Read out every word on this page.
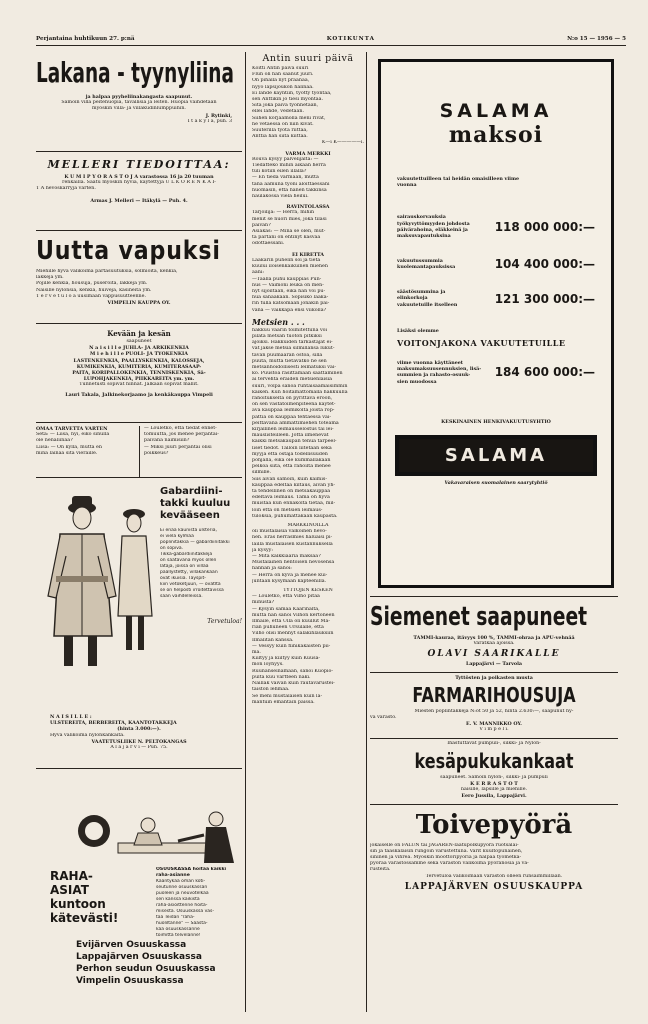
Perjantaina huhtikuun 27. p:nä	KOTIKUNTA	N:o 15 — 1956 — 5
Lakana - tyynyliina
ja halpaa pyyheliinakangasta saapunut.
Samoin villa peitehuopia, tavallisia ja leiten. Huopia vaihdetaan
myöskin villa- ja villakudinlumppuihin.
J. Rytinki,
I t ä k y l ä, puh. 3
MELLERI TIEDOITTAA:
K U M I P Y O R A S T O J A varastossa 16 ja 20 tuuman
renkailla. Saatu myöskin hyviä, käytettyjä U L K O R E N K A I-
T A hevoskärryjä varten.
Armas J. Melleri — Itäkylä — Puh. 4.
Uutta vapuksi
Miehille hyvä valikoima partasuutuksia, solmioita, kenkiä,
lakkeja ym.
Pojille kenkiä, housuja, puseroita, lakkeja ym.
Naisille nylonsia, kenkiä, huiveja, käsineitä ym.
T e r v e t u l o a uusimaan vappusuutteenne.
VIMPELIN KAUPPA OY.
Kevään ja kesän
saapuneet
N a i s i l l e JUHLA- JA ARKIKENKIÄ
M i e h i l l e PUOLI- JA TYÖKENKIÄ
LASTENKENKIÄ, PAALLYSKENKIÄ, KALOSSEJA,
KUMIKENKIÄ, KUMITERIA, KUMITERASAAP-
PAITA, KORIPALLOKENKIÄ, TENNISKENKIÄ, Sä-
LUPOHJAKENKIÄ, PIIKKAREITA ym. ym.
Tunnetusti sopivat hinnat. Jalkaan sopivat mallit.
Lauri Takala, Jalkinekorjaamo ja kenkäkauppa Vimpeli
OMAA TARVETTA VARTEN
Setä: — Liisa, hyi, eikö sinulla
ole nenäliinaa?
Liisa: — On kyllä, mutta en
minä lainaa sitä vieraille.
— Louletko, että tiedät ennet-
tomuutta, jos menee perjantai-
päivänä naimisiin?
— Miksi juuri perjantai olisi
poikkeus?
Gabardiini-
takki kuuluu
kevääseen
Ei enää kaunista ulsteria,
ei vielä kylmää
poplinitakkia — gabardiinitakki
on sopiva.
Tikka-gabardiinitakkeja
on saatavana myös ollen
lataja, joissa on villaa
päällystetty, villakankaan
ovat ikuisia. Täyspit-
kiin vetoketjuun, — ovatlta
se on helposti irroitettavissa
sään vaihdelleissa.
Tervetuloa!
N A I S I L L E :
ULSTEREITA, BERBEREITA, KAANTOTAKKEJA
(hinta 3.000:—).
Hyvä valikoima nylonkankaita.
VAATETUSLIIKE N. PELTOKANGAS
A l a j ä r v i — Puh. 75.
RAHA-
ASIAT
kuntoon
kätevästi!
OSUUSKASSA hoitaa kaikki raha-asianne
Kääntykää oman koti-
seutunne osuuskassan
puoleen ja neuvotelkaa
sen kanssa kaikista
raha-asioittenne hoita-
misesta. Osuuskassa vas-
taa Teidän "raha-
huoliltanne" — Säästä-
kaa osuuskassanne
toimitta telvelanne!
Evijärven Osuuskassa
Lappajärven Osuuskassa
Perhon seudun Osuuskassa
Vimpelin Osuuskassa
Antin suuri päivä
Koitti Antin päivä suuri
Flun oli hän saanut juuri.
On pihalla nyt präänää,
nyyö lapsijoukon hälinää.
Ei lähde käyntiin, työtty työntää,
sen Anttikin jo tiesi myöntää.
Sitä joka päivä työnnetään,
ellei lähde, vedetään.
Siihen korjaamolla meni rivat,
he vetäessä on niin kivat.
Suuterilla työtä riittää,
Anttia hän siitä kiittää.
K—i K—————i.
VARMA MERKKI
Rouva kysyy palvelijalta: —
Tiedättekö mihin aikaan herra
tuli kotiin eilen illalla?
— En tiedä varmaan, mutta
tänä aamuna työni aloittaessani
huomasin, että hänen takkinsa
naulakossa vielä heilui.
RAVINTOLASSA
Tarjoilija: — Herra, mihin
menit se nuori mies, joka tilasi
päivän?
Asiakas: — Minä se olen, mut-
ta partani on ehtinyt kasvaa
odottaessani.
EI KIRETTA
Lääkärin puhelin soi ja tietä
kuului iloisenkaikuinen miehen
ääni:
—Täällä puhu kauppias Pun-
nus — Vaimoni leuka on men-
nyt sijoiltaan, eikä hän voi pu-
hua sanaakaan. Sopisiko lääkä-
rin tulla katsomaan jonakin päi-
vänä — vaikkapa ensi viikolla?
Metsien . . .
hakkuu väärin toimitettuna voi
pilata metsän tuoton pitkiksi
ajoiksi. Hakkuiden tarkastajat ei-
vät jäkse metsiä silmillänsä lukut-
tavan puumäärän ostoa, sillä
puuta, mutta tietävätkö he sen
metsänhoidollisesti leimatuksi vai-
ko. Puustoa rasittamaan saattaminen
ai tervehtä eräiden metsienlaisia
suuri, volpa sanoa ruhtaisaamaisimmin
kaiken. Kun hoitamattomalla hakkuulla
rahoitukselta on pyrittävä eroon,
on sen vastatoimenpiteenä käytet-
ävä kauppaa leimikolta joista rop-
pattia on kauppaa tehtäessä vai-
peittävänä ammattimiehen toteama
kirjallinen leimausselostus tai lei-
mauslisteilleen. Jotta ilmenevät
kaikki metsäkaupan tenua tarpeel-
liset tiedot. Tällöin liitetään sekä
myyjä että ostaja todellisuuden
pohjalla, eikä ole kummallakaan
pelkoa siitä, että rahoilta menee
silmille.
Siis aivan samoin, kuin kaimis-
kauppaa edeltää kiltaus, aivan yh-
tä tehdellinen on metsäkauppaa
edeltävä leimaus. Tämä on hyvä
muistaa kun ennakolta tietää, mil-
loin että on metsien leimaus-
tuloksia, puhumattakaan kaupasta.
MARKKINOILLA
oli mustalaisia valkoinen hevo-
nen. Eräs herrasmies haluaisi pi-
lailla mustalaisen kustannuksella
ja kysyy:
— Mitä kalkkiaaria maksaa?
Mustalainen hentoisen hevosensa
hännän ja sanoi:
— Herra on kyvä ja menee kui-
juntaan kysymään kapteenilla.
TYTTÖJEN KESKEN
— Louletko, että Vilho pitää
minusta?
— Kysyin samaa Kaarinalta,
mutta hän sanoi Vilhon kertoneen
Ilmaile, että Ulla oli kuullut Ma-
rian puhuneen Ursulalle, että
Vilho olisi mennyt salakihlauksiin
Ilmalitan kanssa.
— Vessyy kuin fiinikakaisten pii-
mä.
Kiiltyy ja kiiltyy kuin Kuusa-
mon löyhyys.
Ruunanseinämään, sanoi Kuopio-
pulta kuu vartteen näki.
Näilläk vaivan kuin rautavarustei-
taiston lehmää.
Se meni mustalaisen kuin lä-
mantuin emäntäin päissä.
SALAMA
maksoi
vakuutettuilleen tai heidän omaisilleen viime
vuonna
sairauskorvauksia
työkyvyttömyyden johdosta
päivärahoina, eläkkeinä ja
maksuvapautuksina
118 000 000:—
vakuutussummia
kuolemantapauksissa	104 400 000:—
säästösummina ja
elinkorkoja
vakuutetuille itselleen	121 300 000:—
Lisäksi olemme
VOITONJAKONA VAKUUTETUILLE
viime vuonna käyttäneet
maksumaksuusennuksien, lisä-
summien ja rahasto-osuuk-
sien muodossa
184 600 000:—
KESKINÄINEN HENKIVAKUUTUSYHTIÖ
SALAMA
Vakavaraisen suomalainen saarytyhtiö
Siemenet saapuneet
TAMMI-kauraa, itävyys 100 %, TAMMI-ohraa ja APU-vehnää
Varatkaa ajoissa.
OLAVI SAARIKALLE
Lappajärvi — Tarvola
Tyttösten ja poikasten musta
FARMARIHOUSUJA
Miesten poplintakkeja N:ot 50 ja 52, hinta 2.630:—, saapunut hy-
vä varasto.
E. V. MANNIKKO OY.
V i m p e l i.
Ihastuttavat pumpuli-, silkki- ja Nylon-
kesäpukukankaat
saapuneet. Samoin nylon-, silkki- ja pumpuli
K E R R A S T O T
naisille, lapsille ja miehille.
Eero Jussila, Lappajärvi.
Toivepyörä
jokaiselle on FALUN tai JAGAREN-laatupolkupyörä ruotsalai-
sin ja taaskalaisin rungoin varustettuna. Värit kuultopunainen,
sininen ja vihreä. Myöskin moottoripyöriä ja halpaa työmetka-
pyörää varastossamme sekä varaston valikoima pyöränosia ja va-
rusteita.
Tervetuloa valikoimaan varaston olleen runsaimmillaan.
LAPPAJÄRVEN OSUUSKAUPPA
